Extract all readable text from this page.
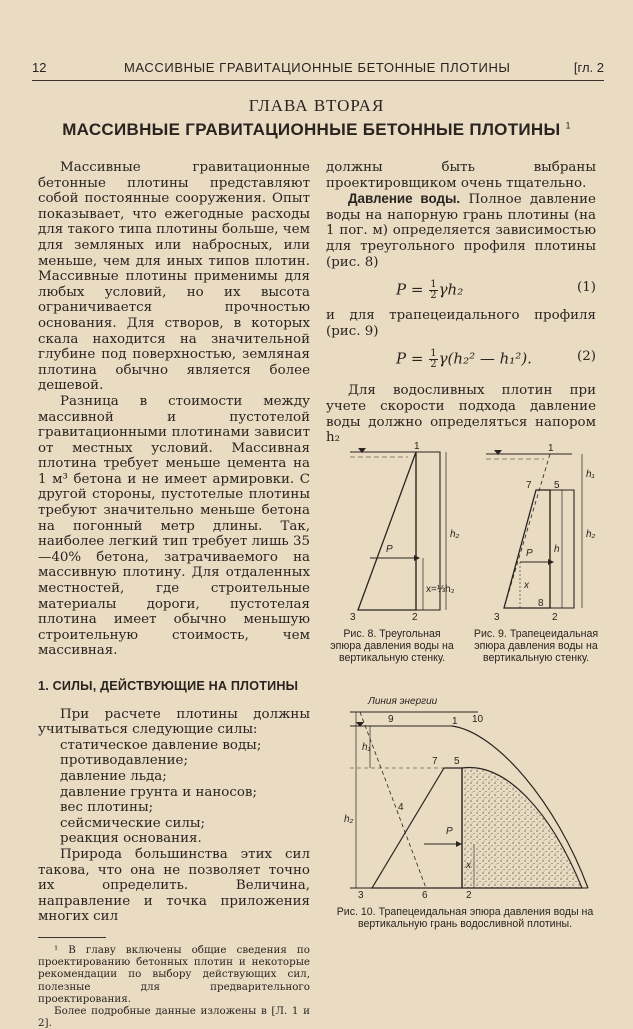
12	МАССИВНЫЕ ГРАВИТАЦИОННЫЕ БЕТОННЫЕ ПЛОТИНЫ	[гл. 2
ГЛАВА ВТОРАЯ
МАССИВНЫЕ ГРАВИТАЦИОННЫЕ БЕТОННЫЕ ПЛОТИНЫ $^1$

Массивные гравитационные бетонные плотины представляют собой постоянные сооружения. Опыт показывает, что ежегодные расходы для такого типа плотины больше, чем для земляных или набросных, или меньше, чем для иных типов плотин. Массивные плотины применимы для любых условий, но их высота ограничивается прочностью основания. Для створов, в которых скала находится на значительной глубине под поверхностью, земляная плотина обычно является более дешевой.

Разница в стоимости между массивной и пустотелой гравитационными плотинами зависит от местных условий. Массивная плотина требует меньше цемента на 1 м³ бетона и не имеет армировки. С другой стороны, пустотелые плотины требуют значительно меньше бетона на погонный метр длины. Так, наиболее легкий тип требует лишь 35—40% бетона, затрачиваемого на массивную плотину. Для отдаленных местностей, где строительные материалы дороги, пустотелая плотина имеет обычно меньшую строительную стоимость, чем массивная.

1. СИЛЫ, ДЕЙСТВУЮЩИЕ НА ПЛОТИНЫ

При расчете плотины должны учитываться следующие силы:

статическое давление воды;
противодавление;
давление льда;
давление грунта и наносов;
вес плотины;
сейсмические силы;
реакция основания.

Природа большинства этих сил такова, что она не позволяет точно их определить. Величина, направление и точка приложения многих сил

¹ В главу включены общие сведения по проектированию бетонных плотин и некоторые рекомендации по выбору действующих сил, полезные для предварительного проектирования.

Более подробные данные изложены в [Л. 1 и 2].

должны быть выбраны проектировщиком очень тщательно.

Давление воды. Полное давление воды на напорную грань плотины (на 1 пог. м) определяется зависимостью для треугольного профиля плотины (рис. 8)

$P = \frac{1}{2}\gamma h_2$	(1)

и для трапецеидального профиля (рис. 9)

$P = \frac{1}{2}\gamma(h_2^2$ — h₁²).	(2)

Для водосливных плотин при учете скорости подхода давление воды должно определяться напором h₂

P
h₂
x=⅓h₂
1
2
3
Рис. 8. Треугольная эпюра давления воды на вертикальную стенку.
h₁
h₂
h
P
x
1
2
3
5
7
8
Рис. 9. Трапецеидальная эпюра давления воды на вертикальную стенку.
Линия энергии
P
h₂
h₁
x
1
2
3
4
5
6
7
9	10
Рис. 10. Трапецеидальная эпюра давления воды на вертикальную грань водосливной плотины.
